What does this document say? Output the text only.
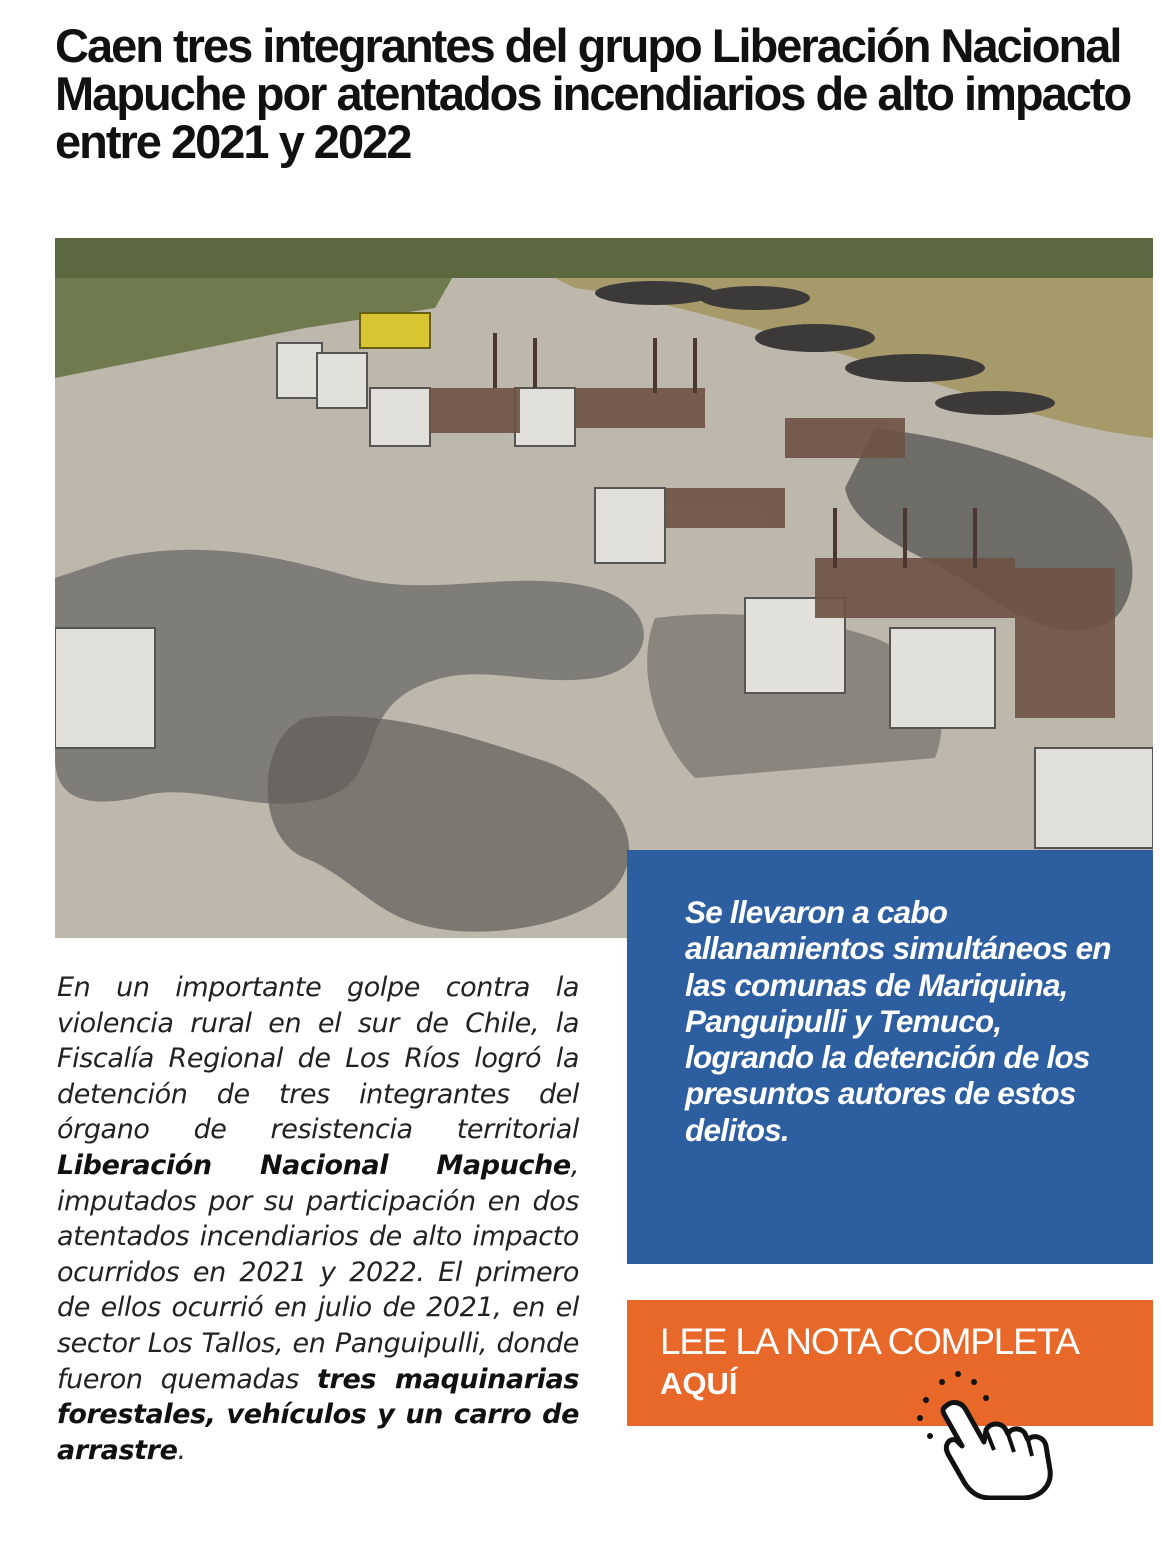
Caen tres integrantes del grupo Liberación Nacional Mapuche por atentados incendiarios de alto impacto entre 2021 y 2022

En un importante golpe contra la violencia rural en el sur de Chile, la Fiscalía Regional de Los Ríos logró la detención de tres integrantes del órgano de resistencia territorial Liberación Nacional Mapuche, imputados por su participación en dos atentados incendiarios de alto impacto ocurridos en 2021 y 2022. El primero de ellos ocurrió en julio de 2021, en el sector Los Tallos, en Panguipulli, donde fueron quemadas tres maquinarias forestales, vehículos y un carro de arrastre.

Se llevaron a cabo allanamientos simultáneos en las comunas de Mariquina, Panguipulli y Temuco, logrando la detención de los presuntos autores de estos delitos.

LEE LA NOTA COMPLETA
AQUÍ
